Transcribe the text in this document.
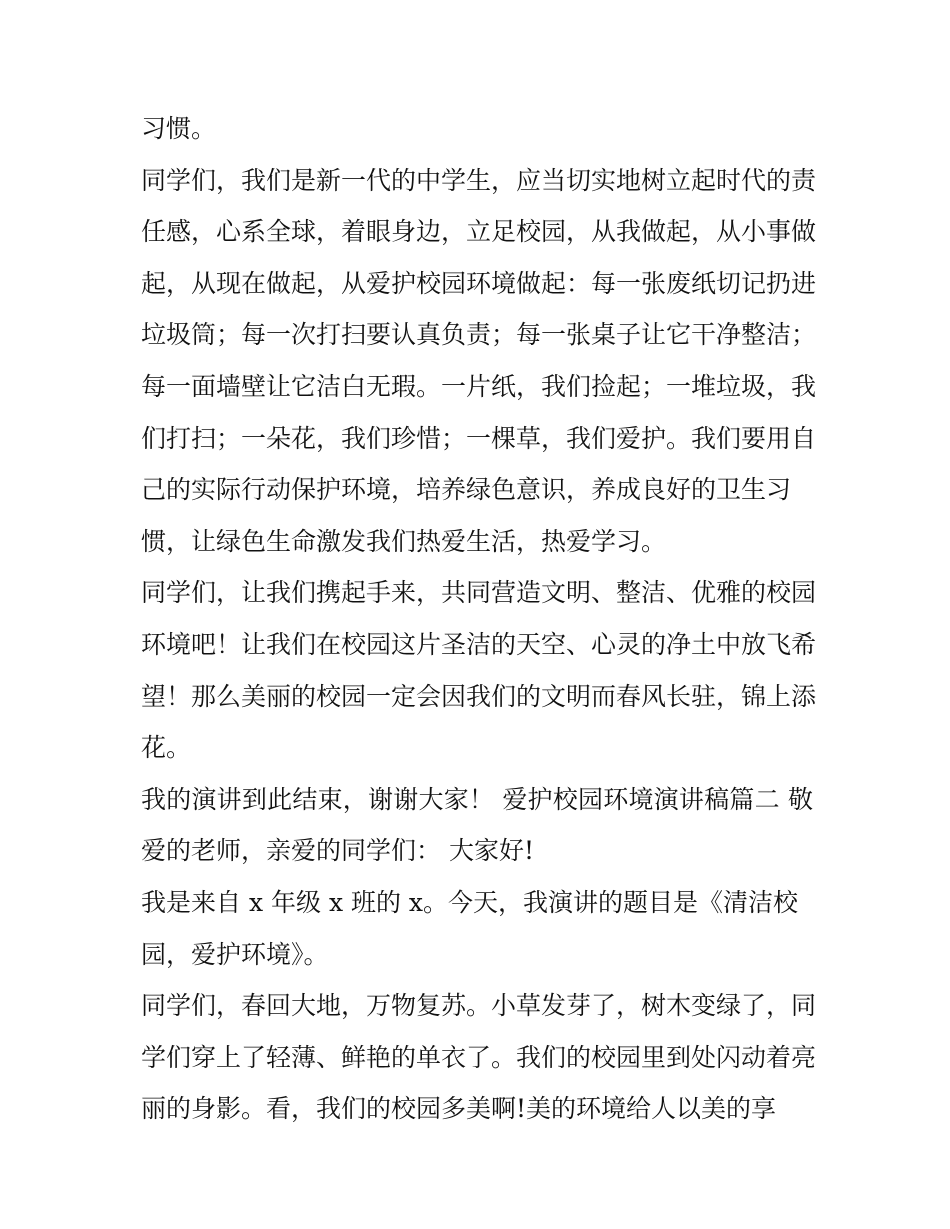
习惯。
同学们，我们是新一代的中学生，应当切实地树立起时代的责
任感，心系全球，着眼身边，立足校园，从我做起，从小事做
起，从现在做起，从爱护校园环境做起：每一张废纸切记扔进
垃圾筒；每一次打扫要认真负责；每一张桌子让它干净整洁；
每一面墙壁让它洁白无瑕。一片纸，我们捡起；一堆垃圾，我
们打扫；一朵花，我们珍惜；一棵草，我们爱护。我们要用自
己的实际行动保护环境，培养绿色意识，养成良好的卫生习
惯，让绿色生命激发我们热爱生活，热爱学习。
同学们，让我们携起手来，共同营造文明、整洁、优雅的校园
环境吧！让我们在校园这片圣洁的天空、心灵的净土中放飞希
望！那么美丽的校园一定会因我们的文明而春风长驻，锦上添
花。
我的演讲到此结束，谢谢大家！ 爱护校园环境演讲稿篇二 敬
爱的老师，亲爱的同学们： 大家好!
我是来自 x 年级 x 班的 x。今天，我演讲的题目是《清洁校
园，爱护环境》。
同学们，春回大地，万物复苏。小草发芽了，树木变绿了，同
学们穿上了轻薄、鲜艳的单衣了。我们的校园里到处闪动着亮
丽的身影。看，我们的校园多美啊!美的环境给人以美的享
